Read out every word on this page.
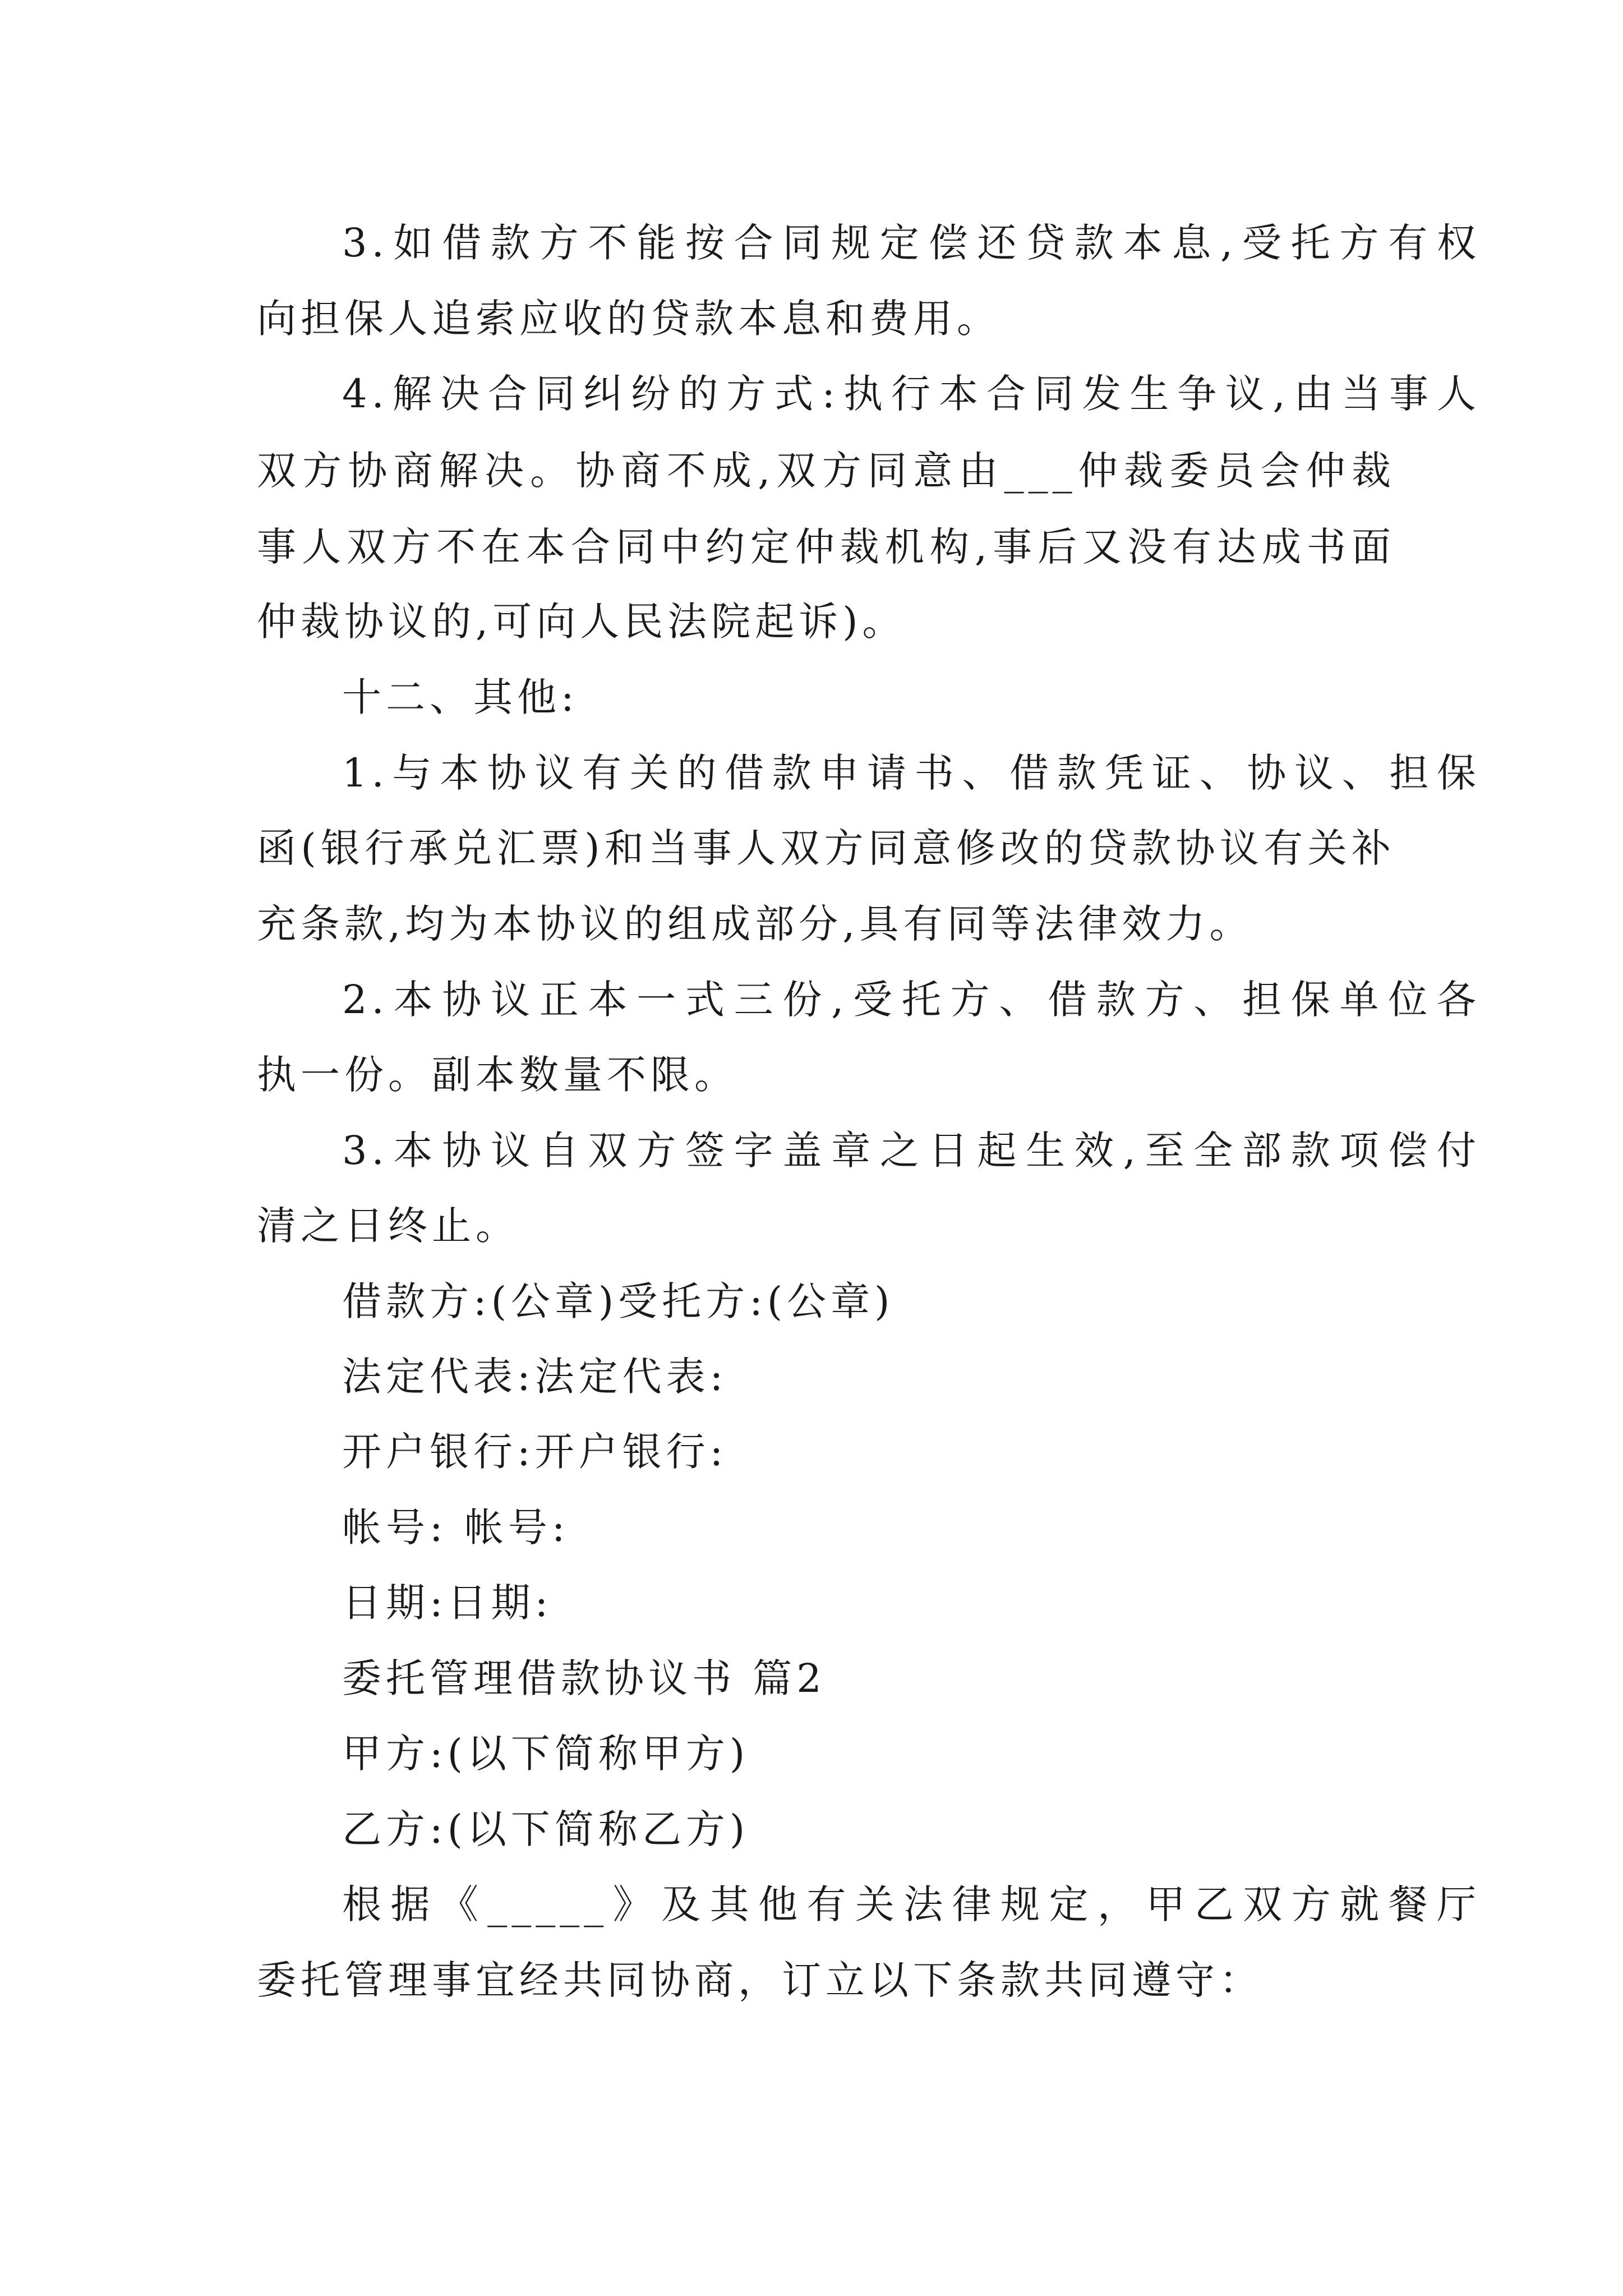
3.如借款方不能按合同规定偿还贷款本息,受托方有权

向担保人追索应收的贷款本息和费用。

4.解决合同纠纷的方式:执行本合同发生争议,由当事人

双方协商解决。协商不成,双方同意由___仲裁委员会仲裁

事人双方不在本合同中约定仲裁机构,事后又没有达成书面

仲裁协议的,可向人民法院起诉)。

十二、其他:

1.与本协议有关的借款申请书、借款凭证、协议、担保

函(银行承兑汇票)和当事人双方同意修改的贷款协议有关补

充条款,均为本协议的组成部分,具有同等法律效力。

2.本协议正本一式三份,受托方、借款方、担保单位各

执一份。副本数量不限。

3.本协议自双方签字盖章之日起生效,至全部款项偿付

清之日终止。

借款方:(公章)受托方:(公章)

法定代表:法定代表:

开户银行:开户银行:

帐号: 帐号:

日期:日期:

委托管理借款协议书 篇2

甲方:(以下简称甲方)

乙方:(以下简称乙方)

根据《_____》及其他有关法律规定，甲乙双方就餐厅

委托管理事宜经共同协商，订立以下条款共同遵守：
